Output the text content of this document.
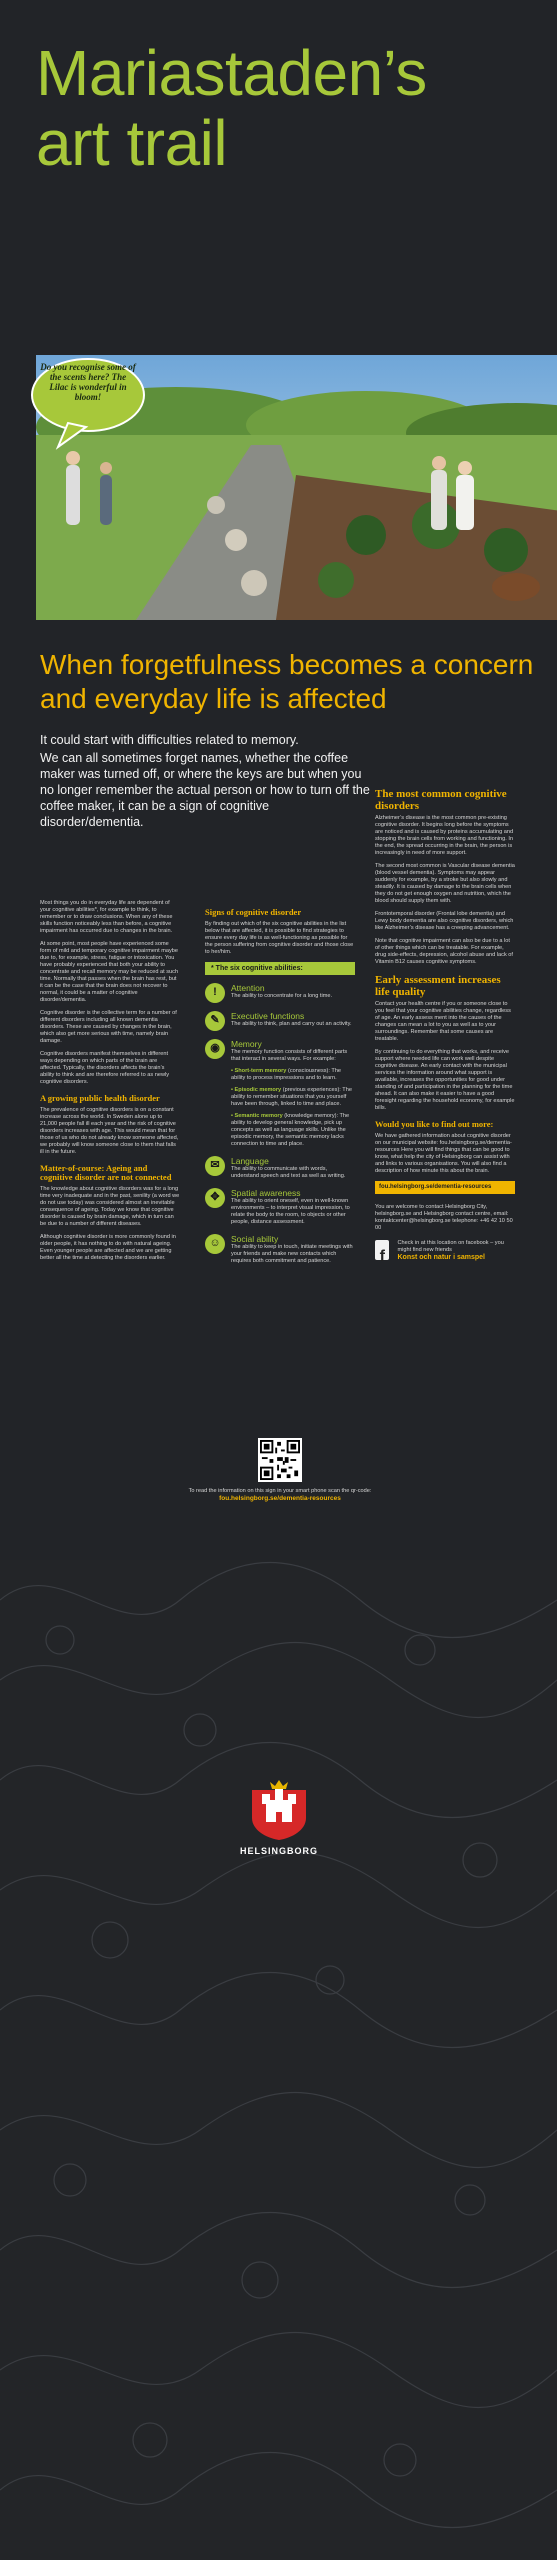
Mariastaden’s
art trail
Do you recognise some of the scents here? The Lilac is wonderful in bloom!
When forgetfulness becomes a concern and everyday life is affected

It could start with difficulties related to memory.

We can all sometimes forget names, whether the coffee maker was turned off, or where the keys are but when you no longer remember the actual person or how to turn off the coffee maker, it can be a sign of cognitive disorder/dementia.

Most things you do in everyday life are dependent of your cognitive abilities*, for example to think, to remember or to draw conclusions. When any of these skills function noticeably less than before, a cognitive impairment has occurred due to changes in the brain.

At some point, most people have experienced some form of mild and temporary cognitive impairment maybe due to, for example, stress, fatigue or intoxication. You have probably experienced that both your ability to concentrate and recall memory may be reduced at such time. Normally that passes when the brain has rest, but it can be the case that the brain does not recover to normal, it could be a matter of cognitive disorder/dementia.

Cognitive disorder is the collective term for a number of different disorders including all known dementia disorders. These are caused by changes in the brain, which also get more serious with time, namely brain damage.

Cognitive disorders manifest themselves in different ways depending on which parts of the brain are affected. Typically, the disorders affects the brain’s ability to think and are therefore referred to as newly cognitive disorders.

A growing public health disorder

The prevalence of cognitive disorders is on a constant increase across the world. In Sweden alone up to 21,000 people fall ill each year and the risk of cognitive disorders increases with age. This would mean that for those of us who do not already know someone affected, we probably will know someone close to them that falls ill in the future.

Matter-of-course: Ageing and cognitive disorder are not connected

The knowledge about cognitive disorders was for a long time very inadequate and in the past, senility (a word we do not use today) was considered almost an inevitable consequence of ageing. Today we know that cognitive disorder is caused by brain damage, which in turn can be due to a number of different diseases.

Although cognitive disorder is more commonly found in older people, it has nothing to do with natural ageing. Even younger people are affected and we are getting better all the time at detecting the disorders earlier.

Signs of cognitive disorder

By finding out which of the six cognitive abilities in the list below that are affected, it is possible to find strategies to ensure every day life is as well-functioning as possible for the person suffering from cognitive disorder and those close to her/him.

* The six cognitive abilities:
!	Attention
The ability to concentrate for a long time.
✎	Executive functions
The ability to think, plan and carry out an activity.
◉	Memory
The memory function consists of different parts that interact in several ways. For example:
• Short-term memory (consciousness): The ability to process impressions and to learn.
• Episodic memory (previous experiences): The ability to remember situations that you yourself have been through, linked to time and place.
• Semantic memory (knowledge memory): The ability to develop general knowledge, pick up concepts as well as language skills. Unlike the episodic memory, the semantic memory lacks connection to time and place.
✉	Language
The ability to communicate with words, understand speech and text as well as writing.
✥	Spatial awareness
The ability to orient oneself, even in well-known environments – to interpret visual impression, to relate the body to the room, to objects or other people, distance assessment.
☺	Social ability
The ability to keep in touch, initiate meetings with your friends and make new contacts which requires both commitment and patience.
The most common cognitive disorders

Alzheimer’s disease is the most common pre-existing cognitive disorder. It begins long before the symptoms are noticed and is caused by proteins accumulating and stopping the brain cells from working and functioning. In the end, the spread occurring in the brain, the person is increasingly in need of more support.

The second most common is Vascular disease dementia (blood vessel dementia). Symptoms may appear suddenly for example, by a stroke but also slowly and steadily. It is caused by damage to the brain cells when they do not get enough oxygen and nutrition, which the blood should supply them with.

Frontotemporal disorder (Frontal lobe dementia) and Lewy body dementia are also cognitive disorders, which like Alzheimer’s disease has a creeping advancement.

Note that cognitive impairment can also be due to a lot of other things which can be treatable. For example, drug side-effects, depression, alcohol abuse and lack of Vitamin B12 causes cognitive symptoms.

Early assessment increases life quality

Contact your health centre if you or someone close to you feel that your cognitive abilities change, regardless of age. An early assess ment into the causes of the changes can mean a lot to you as well as to your surroundings. Remember that some causes are treatable.

By continuing to do everything that works, and receive support where needed life can work well despite cognitive disease. An early contact with the municipal services the information around what support is available, increases the opportunities for good under standing of and participation in the planning for the time ahead. It can also make it easier to have a good foresight regarding the household economy, for example bills.

Would you like to find out more:

We have gathered information about cognitive disorder on our municipal website: fou.helsingborg.se/dementia-resources Here you will find things that can be good to know, what help the city of Helsingborg can assist with and links to various organisations. You will also find a description of how minute this about the brain.

fou.helsingborg.se/dementia-resources

You are welcome to contact Helsingborg City, helsingborg.se and Helsingborg contact centre, email: kontaktcenter@helsingborg.se telephone: +46 42 10 50 00

f
Check in at this location on facebook – you might find new friends
Konst och natur i samspel
To read the information on this sign in your smart phone scan the qr-code:
fou.helsingborg.se/dementia-resources
HELSINGBORG
